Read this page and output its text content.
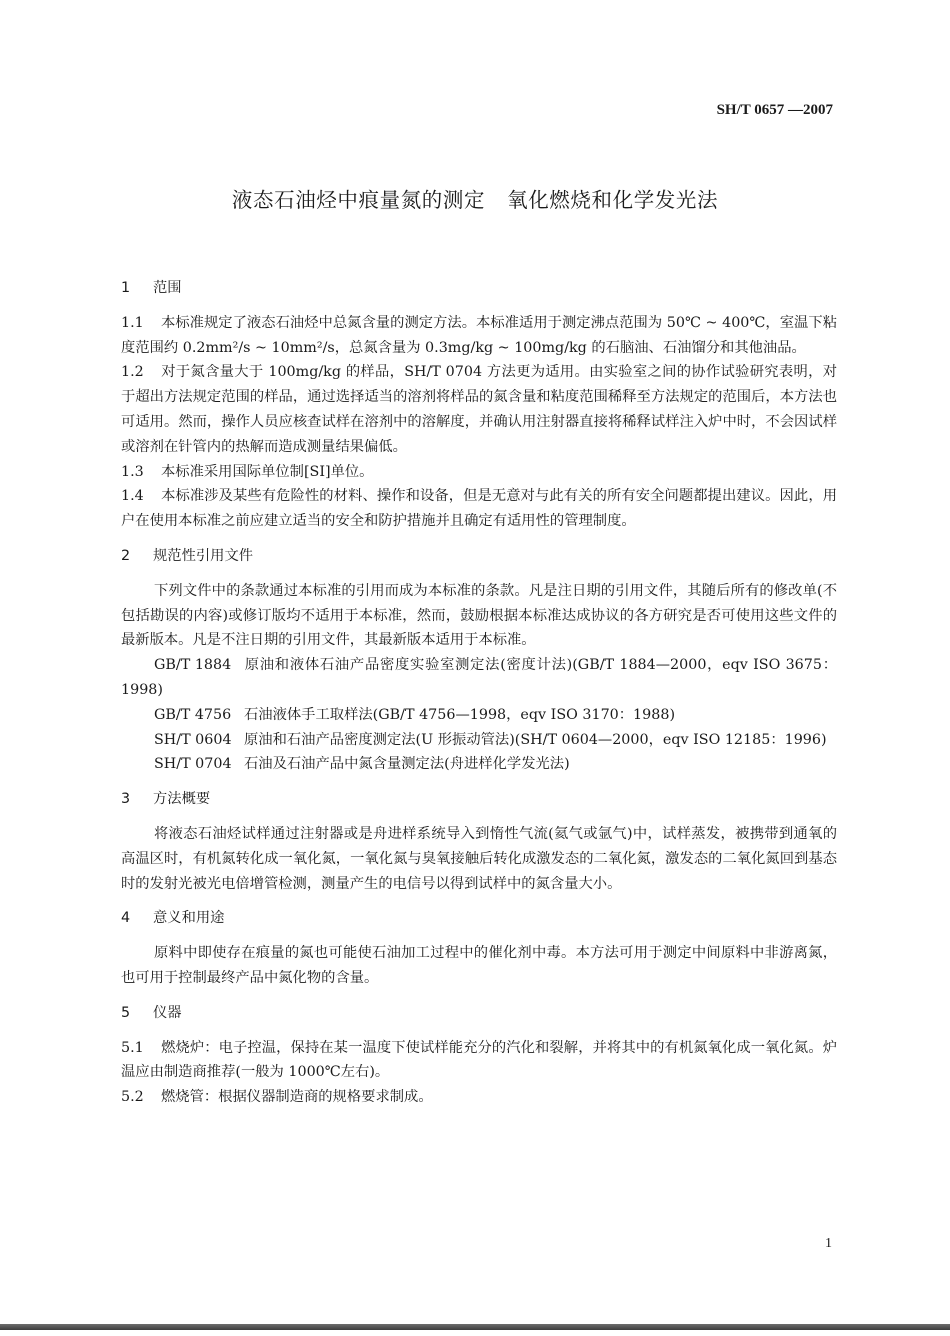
SH/T 0657 —2007
液态石油烃中痕量氮的测定 氧化燃烧和化学发光法
1 范围

1.1 本标准规定了液态石油烃中总氮含量的测定方法。本标准适用于测定沸点范围为 50℃ ~ 400℃，室温下粘度范围约 0.2mm²/s ~ 10mm²/s，总氮含量为 0.3mg/kg ~ 100mg/kg 的石脑油、石油馏分和其他油品。

1.2 对于氮含量大于 100mg/kg 的样品，SH/T 0704 方法更为适用。由实验室之间的协作试验研究表明，对于超出方法规定范围的样品，通过选择适当的溶剂将样品的氮含量和粘度范围稀释至方法规定的范围后，本方法也可适用。然而，操作人员应核查试样在溶剂中的溶解度，并确认用注射器直接将稀释试样注入炉中时，不会因试样或溶剂在针管内的热解而造成测量结果偏低。

1.3 本标准采用国际单位制[SI]单位。

1.4 本标准涉及某些有危险性的材料、操作和设备，但是无意对与此有关的所有安全问题都提出建议。因此，用户在使用本标准之前应建立适当的安全和防护措施并且确定有适用性的管理制度。

2 规范性引用文件

下列文件中的条款通过本标准的引用而成为本标准的条款。凡是注日期的引用文件，其随后所有的修改单(不包括勘误的内容)或修订版均不适用于本标准，然而，鼓励根据本标准达成协议的各方研究是否可使用这些文件的最新版本。凡是不注日期的引用文件，其最新版本适用于本标准。

GB/T 1884 原油和液体石油产品密度实验室测定法(密度计法)(GB/T 1884—2000，eqv ISO 3675：1998)

GB/T 4756 石油液体手工取样法(GB/T 4756—1998，eqv ISO 3170：1988)

SH/T 0604 原油和石油产品密度测定法(U 形振动管法)(SH/T 0604—2000，eqv ISO 12185：1996)

SH/T 0704 石油及石油产品中氮含量测定法(舟进样化学发光法)

3 方法概要

将液态石油烃试样通过注射器或是舟进样系统导入到惰性气流(氦气或氩气)中，试样蒸发，被携带到通氧的高温区时，有机氮转化成一氧化氮，一氧化氮与臭氧接触后转化成激发态的二氧化氮，激发态的二氧化氮回到基态时的发射光被光电倍增管检测，测量产生的电信号以得到试样中的氮含量大小。

4 意义和用途

原料中即使存在痕量的氮也可能使石油加工过程中的催化剂中毒。本方法可用于测定中间原料中非游离氮，也可用于控制最终产品中氮化物的含量。

5 仪器

5.1 燃烧炉：电子控温，保持在某一温度下使试样能充分的汽化和裂解，并将其中的有机氮氧化成一氧化氮。炉温应由制造商推荐(一般为 1000℃左右)。

5.2 燃烧管：根据仪器制造商的规格要求制成。

1
